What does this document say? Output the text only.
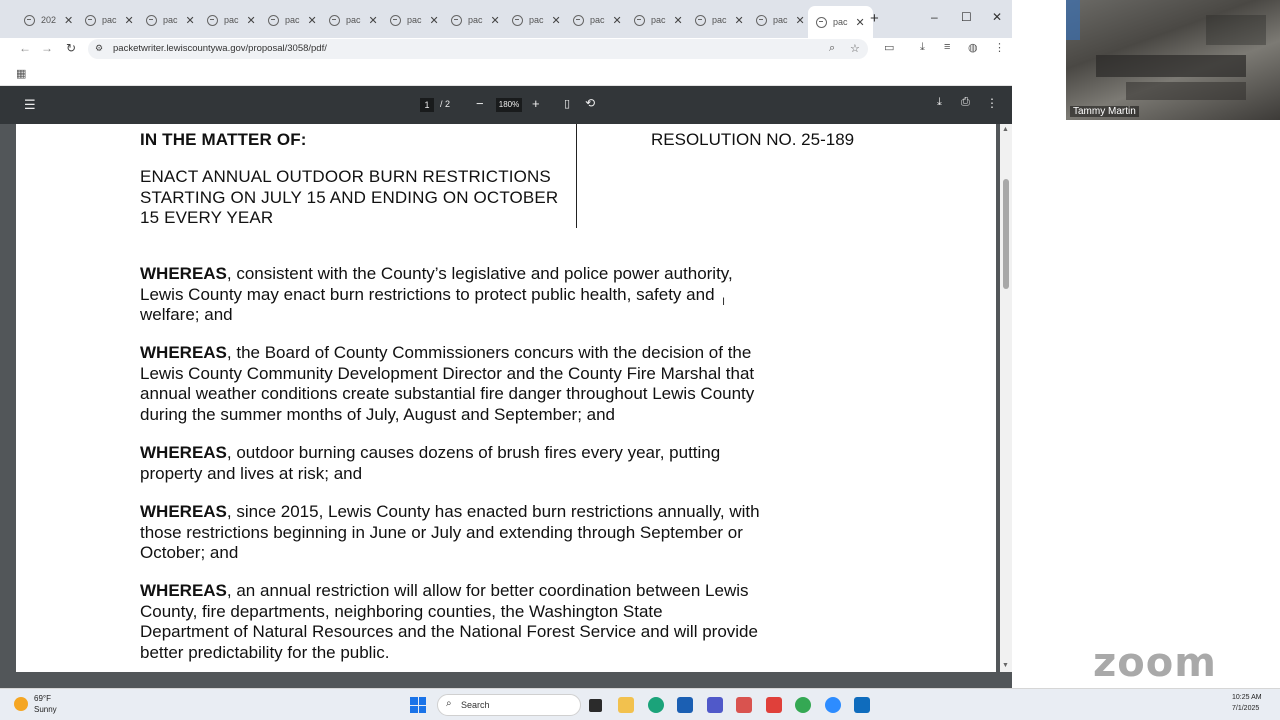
202 ✕	pac ✕	pac ✕	pac ✕	pac ✕	pac ✕	pac ✕	pac ✕	pac ✕	pac ✕	pac ✕	pac ✕	pac ✕	pac ✕ +	– ☐ ✕
← → ↻ ⚙ packetwriter.lewiscountywa.gov/proposal/3058/pdf/	⌕ ☆ ▭ ⤓ ≡ ◍ ⋮
▦
☰	1	/ 2 −	180% + ▯ ⟲	⤓ ⎙ ⋮
IN THE MATTER OF:	RESOLUTION NO. 25-189
ENACT ANNUAL OUTDOOR BURN RESTRICTIONS
STARTING ON JULY 15 AND ENDING ON OCTOBER
15 EVERY YEAR
WHEREAS, consistent with the County’s legislative and police power authority,
Lewis County may enact burn restrictions to protect public health, safety and
welfare; and
WHEREAS, the Board of County Commissioners concurs with the decision of the
Lewis County Community Development Director and the County Fire Marshal that
annual weather conditions create substantial fire danger throughout Lewis County
during the summer months of July, August and September; and
WHEREAS, outdoor burning causes dozens of brush fires every year, putting
property and lives at risk; and
WHEREAS, since 2015, Lewis County has enacted burn restrictions annually, with
those restrictions beginning in June or July and extending through September or
October; and
WHEREAS, an annual restriction will allow for better coordination between Lewis
County, fire departments, neighboring counties, the Washington State
Department of Natural Resources and the National Forest Service and will provide
better predictability for the public.
I
▲
▼
Tammy Martin
zoom
69°F
Sunny
⌕ Search
10:25 AM
7/1/2025
